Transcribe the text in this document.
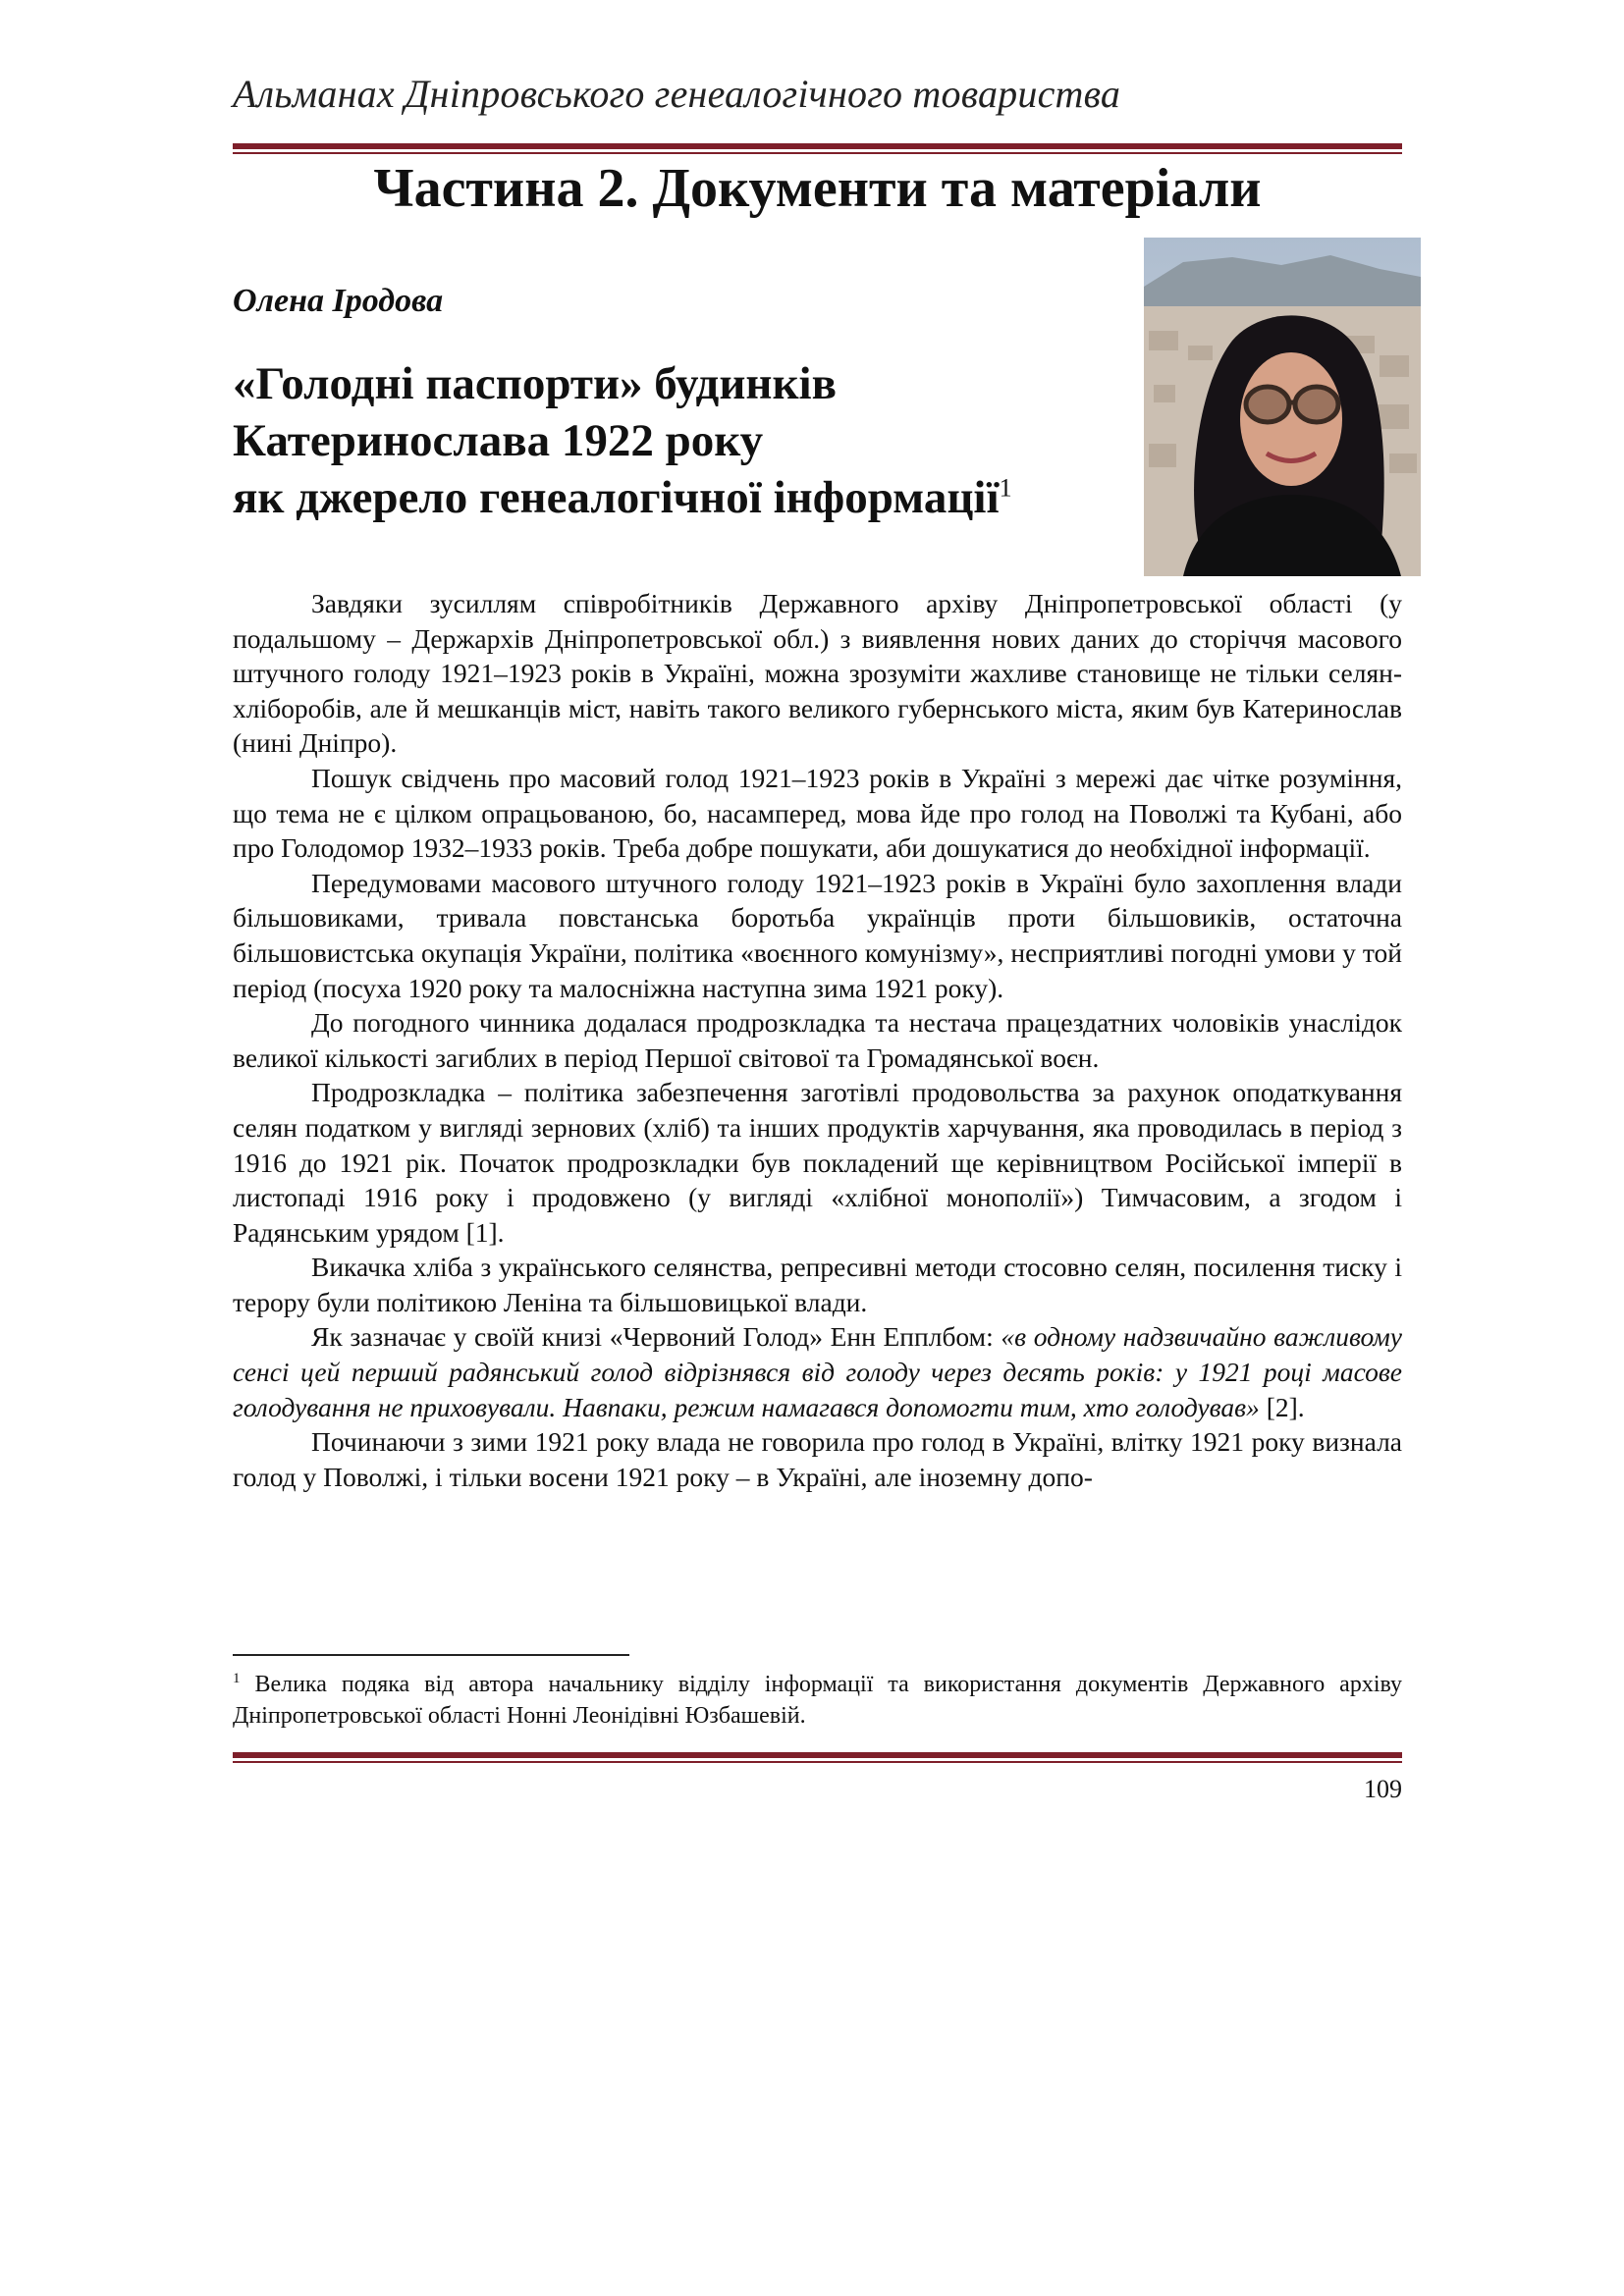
Альманах Дніпровського генеалогічного товариства
Частина 2. Документи та матеріали
Олена Іродова
«Голодні паспорти» будинків
Катеринослава 1922 року
як джерело генеалогічної інформації$^1$

Завдяки зусиллям співробітників Державного архіву Дніпропетровської області (у подальшому – Держархів Дніпропетровської обл.) з виявлення нових даних до сторіччя масового штучного голоду 1921–1923 років в Україні, можна зрозуміти жахливе становище не тільки селян-хліборобів, але й мешканців міст, навіть такого великого губернського міста, яким був Катеринослав (нині Дніпро).

Пошук свідчень про масовий голод 1921–1923 років в Україні з мережі дає чітке розуміння, що тема не є цілком опрацьованою, бо, насамперед, мова йде про голод на Поволжі та Кубані, або про Голодомор 1932–1933 років. Треба добре пошукати, аби дошукатися до необхідної інформації.

Передумовами масового штучного голоду 1921–1923 років в Україні було захоплення влади більшовиками, тривала повстанська боротьба українців проти більшовиків, остаточна більшовистська окупація України, політика «воєнного комунізму», несприятливі погодні умови у той період (посуха 1920 року та малосніжна наступна зима 1921 року).

До погодного чинника додалася продрозкладка та нестача працездатних чоловіків унаслідок великої кількості загиблих в період Першої світової та Громадянської воєн.

Продрозкладка – політика забезпечення заготівлі продовольства за рахунок оподаткування селян податком у вигляді зернових (хліб) та інших продуктів харчування, яка проводилась в період з 1916 до 1921 рік. Початок продрозкладки був покладений ще керівництвом Російської імперії в листопаді 1916 року і продовжено (у вигляді «хлібної монополії») Тимчасовим, а згодом і Радянським урядом [1].

Викачка хліба з українського селянства, репресивні методи стосовно селян, посилення тиску і терору були політикою Леніна та більшовицької влади.

Як зазначає у своїй книзі «Червоний Голод» Енн Епплбом: «в одному надзвичайно важливому сенсі цей перший радянський голод відрізнявся від голоду через десять років: у 1921 році масове голодування не приховували. Навпаки, режим намагався допомогти тим, хто голодував» [2].

Починаючи з зими 1921 року влада не говорила про голод в Україні, влітку 1921 року визнала голод у Поволжі, і тільки восени 1921 року – в Україні, але іноземну допо-

$^1$ Велика подяка від автора начальнику відділу інформації та використання документів Державного архіву Дніпропетровської області Нонні Леонідівні Юзбашевій.
109
